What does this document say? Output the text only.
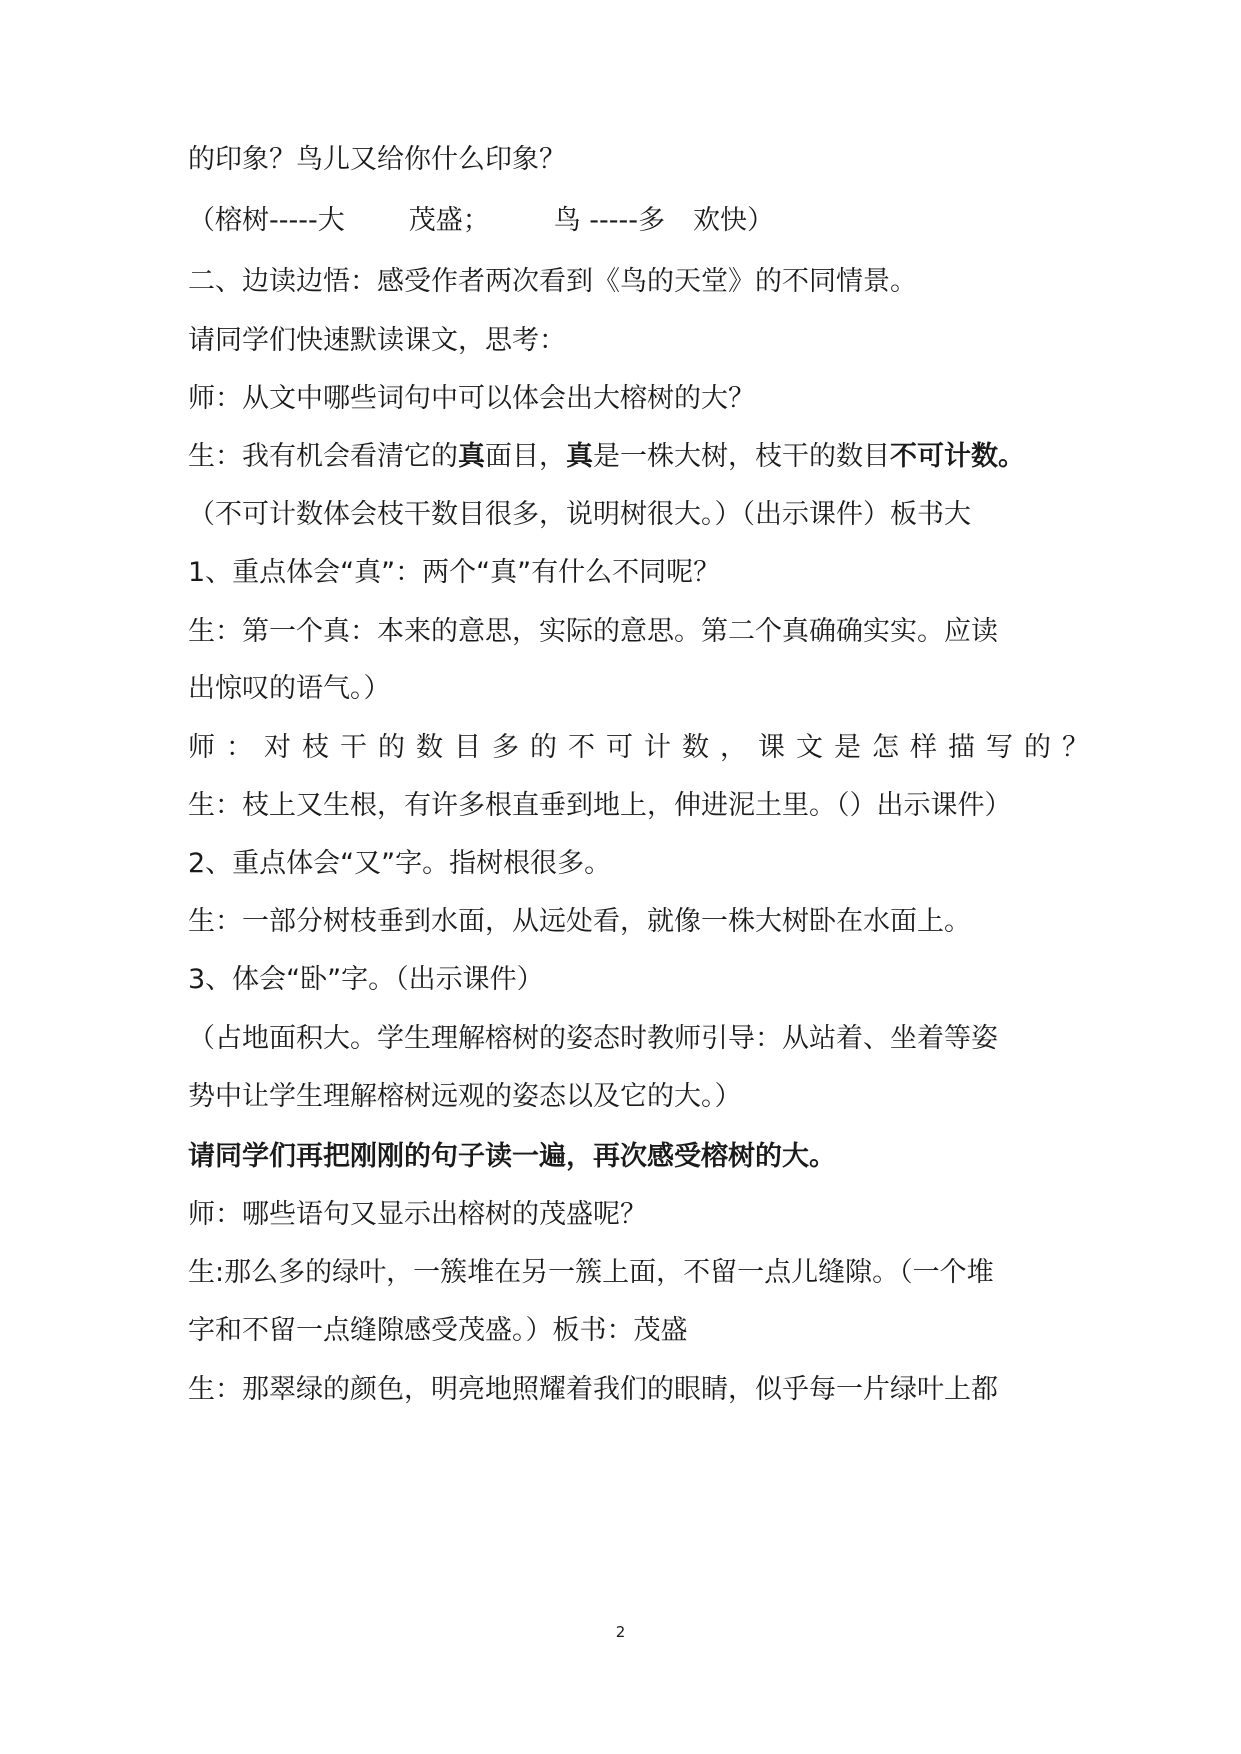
的印象？鸟儿又给你什么印象？

（榕树-----大 茂盛； 鸟 -----多 欢快）

二、边读边悟：感受作者两次看到《鸟的天堂》的不同情景。

请同学们快速默读课文，思考：

师：从文中哪些词句中可以体会出大榕树的大？

生：我有机会看清它的真面目，真是一株大树，枝干的数目不可计数。

（不可计数体会枝干数目很多，说明树很大。）（出示课件）板书大

1、重点体会“真”：两个“真”有什么不同呢？

生：第一个真：本来的意思，实际的意思。第二个真确确实实。应读

出惊叹的语气。）

师：对枝干的数目多的不可计数，课文是怎样描写的？

生：枝上又生根，有许多根直垂到地上，伸进泥土里。（）出示课件）

2、重点体会“又”字。指树根很多。

生：一部分树枝垂到水面，从远处看，就像一株大树卧在水面上。

3、体会“卧”字。（出示课件）

（占地面积大。学生理解榕树的姿态时教师引导：从站着、坐着等姿

势中让学生理解榕树远观的姿态以及它的大。）

请同学们再把刚刚的句子读一遍，再次感受榕树的大。

师：哪些语句又显示出榕树的茂盛呢？

生:那么多的绿叶，一簇堆在另一簇上面，不留一点儿缝隙。（一个堆

字和不留一点缝隙感受茂盛。）板书：茂盛

生：那翠绿的颜色，明亮地照耀着我们的眼睛，似乎每一片绿叶上都

2
